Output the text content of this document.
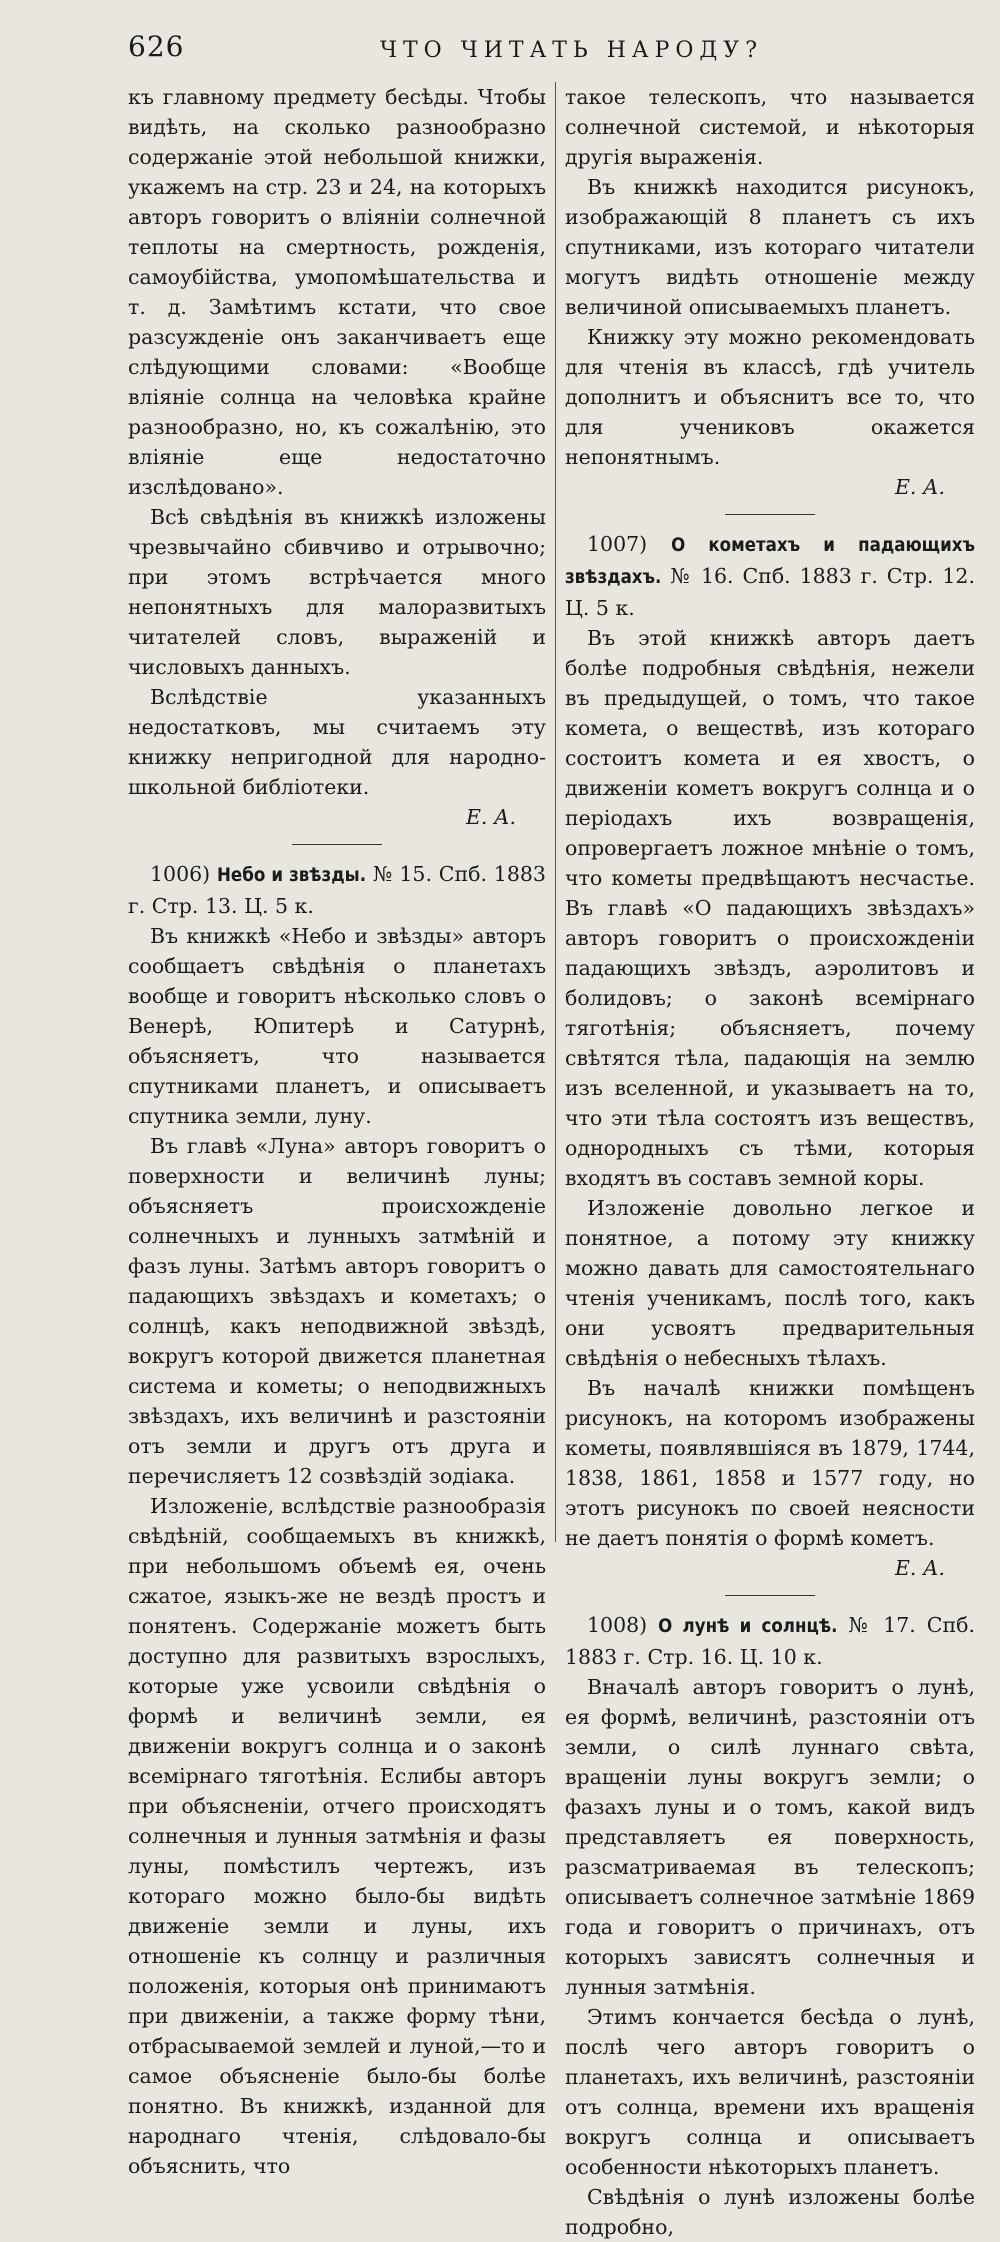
626	ЧТО ЧИТАТЬ НАРОДУ?

къ главному предмету бесѣды. Чтобы видѣть, на сколько разнообразно содержаніе этой небольшой книжки, укажемъ на стр. 23 и 24, на которыхъ авторъ говоритъ о вліяніи солнечной теплоты на смертность, рожденія, самоубійства, умопомѣшательства и т. д. Замѣтимъ кстати, что свое разсужденіе онъ заканчиваетъ еще слѣдующими словами: «Вообще вліяніе солнца на человѣка крайне разнообразно, но, къ сожалѣнію, это вліяніе еще недостаточно изслѣдовано».

Всѣ свѣдѣнія въ книжкѣ изложены чрезвычайно сбивчиво и отрывочно; при этомъ встрѣчается много непонятныхъ для малоразвитыхъ читателей словъ, выраженій и числовыхъ данныхъ.

Вслѣдствіе указанныхъ недостатковъ, мы считаемъ эту книжку непригодной для народно-школьной библіотеки.

Е. А.

1006) Небо и звѣзды. № 15. Спб. 1883 г. Стр. 13. Ц. 5 к.

Въ книжкѣ «Небо и звѣзды» авторъ сообщаетъ свѣдѣнія о планетахъ вообще и говоритъ нѣсколько словъ о Венерѣ, Юпитерѣ и Сатурнѣ, объясняетъ, что называется спутниками планетъ, и описываетъ спутника земли, луну.

Въ главѣ «Луна» авторъ говоритъ о поверхности и величинѣ луны; объясняетъ происхожденіе солнечныхъ и лунныхъ затмѣній и фазъ луны. Затѣмъ авторъ говоритъ о падающихъ звѣздахъ и кометахъ; о солнцѣ, какъ неподвижной звѣздѣ, вокругъ которой движется планетная система и кометы; о неподвижныхъ звѣздахъ, ихъ величинѣ и разстояніи отъ земли и другъ отъ друга и перечисляетъ 12 созвѣздій зодіака.

Изложеніе, вслѣдствіе разнообразія свѣдѣній, сообщаемыхъ въ книжкѣ, при небольшомъ объемѣ ея, очень сжатое, языкъ-же не вездѣ простъ и понятенъ. Содержаніе можетъ быть доступно для развитыхъ взрослыхъ, которые уже усвоили свѣдѣнія о формѣ и величинѣ земли, ея движеніи вокругъ солнца и о законѣ всемірнаго тяготѣнія. Еслибы авторъ при объясненіи, отчего происходятъ солнечныя и лунныя затмѣнія и фазы луны, помѣстилъ чертежъ, изъ котораго можно было-бы видѣть движеніе земли и луны, ихъ отношеніе къ солнцу и различныя положенія, которыя онѣ принимаютъ при движеніи, а также форму тѣни, отбрасываемой землей и луной,—то и самое объясненіе было-бы болѣе понятно. Въ книжкѣ, изданной для народнаго чтенія, слѣдовало-бы объяснить, что

такое телескопъ, что называется солнечной системой, и нѣкоторыя другія выраженія.

Въ книжкѣ находится рисунокъ, изображающій 8 планетъ съ ихъ спутниками, изъ котораго читатели могутъ видѣть отношеніе между величиной описываемыхъ планетъ.

Книжку эту можно рекомендовать для чтенія въ классѣ, гдѣ учитель дополнитъ и объяснитъ все то, что для учениковъ окажется непонятнымъ.

Е. А.

1007) О кометахъ и падающихъ звѣздахъ. № 16. Спб. 1883 г. Стр. 12. Ц. 5 к.

Въ этой книжкѣ авторъ даетъ болѣе подробныя свѣдѣнія, нежели въ предыдущей, о томъ, что такое комета, о веществѣ, изъ котораго состоитъ комета и ея хвостъ, о движеніи кометъ вокругъ солнца и о періодахъ ихъ возвращенія, опровергаетъ ложное мнѣніе о томъ, что кометы предвѣщаютъ несчастье. Въ главѣ «О падающихъ звѣздахъ» авторъ говоритъ о происхожденіи падающихъ звѣздъ, аэролитовъ и болидовъ; о законѣ всемірнаго тяготѣнія; объясняетъ, почему свѣтятся тѣла, падающія на землю изъ вселенной, и указываетъ на то, что эти тѣла состоятъ изъ веществъ, однородныхъ съ тѣми, которыя входятъ въ составъ земной коры.

Изложеніе довольно легкое и понятное, а потому эту книжку можно давать для самостоятельнаго чтенія ученикамъ, послѣ того, какъ они усвоятъ предварительныя свѣдѣнія о небесныхъ тѣлахъ.

Въ началѣ книжки помѣщенъ рисунокъ, на которомъ изображены кометы, появлявшіяся въ 1879, 1744, 1838, 1861, 1858 и 1577 году, но этотъ рисунокъ по своей неясности не даетъ понятія о формѣ кометъ.

Е. А.

1008) О лунѣ и солнцѣ. № 17. Спб. 1883 г. Стр. 16. Ц. 10 к.

Вначалѣ авторъ говоритъ о лунѣ, ея формѣ, величинѣ, разстояніи отъ земли, о силѣ луннаго свѣта, вращеніи луны вокругъ земли; о фазахъ луны и о томъ, какой видъ представляетъ ея поверхность, разсматриваемая въ телескопъ; описываетъ солнечное затмѣніе 1869 года и говоритъ о причинахъ, отъ которыхъ зависятъ солнечныя и лунныя затмѣнія.

Этимъ кончается бесѣда о лунѣ, послѣ чего авторъ говоритъ о планетахъ, ихъ величинѣ, разстояніи отъ солнца, времени ихъ вращенія вокругъ солнца и описываетъ особенности нѣкоторыхъ планетъ.

Свѣдѣнія о лунѣ изложены болѣе подробно,
